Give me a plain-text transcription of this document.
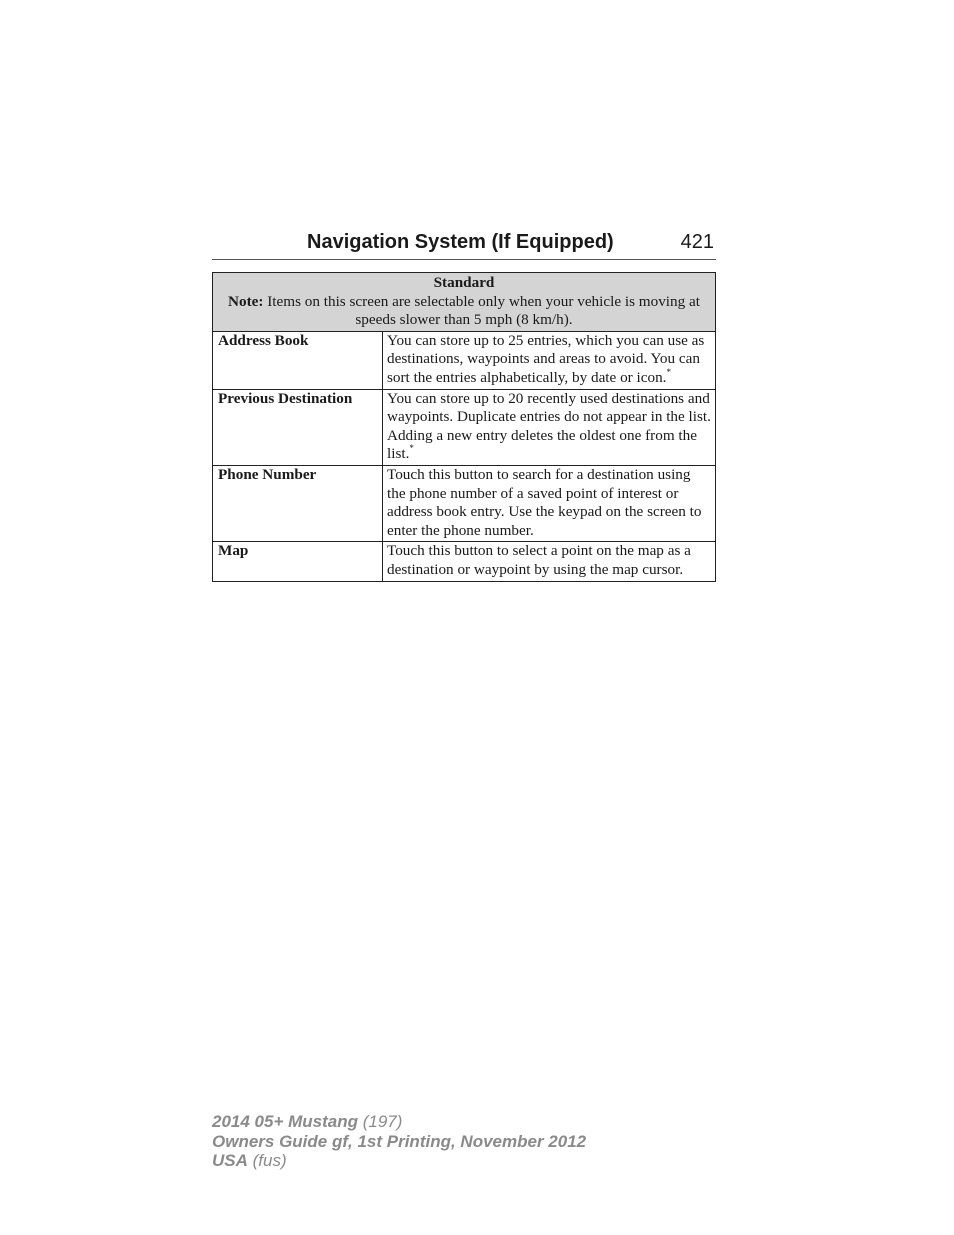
Navigation System (If Equipped)	421
Standard
Note: Items on this screen are selectable only when your vehicle is moving at speeds slower than 5 mph (8 km/h).	

Address Book	You can store up to 25 entries, which you can use as destinations, waypoints and areas to avoid. You can sort the entries alphabetically, by date or icon.*
Previous Destination	You can store up to 20 recently used destinations and waypoints. Duplicate entries do not appear in the list. Adding a new entry deletes the oldest one from the list.*
Phone Number	Touch this button to search for a destination using the phone number of a saved point of interest or address book entry. Use the keypad on the screen to enter the phone number.
Map	Touch this button to select a point on the map as a destination or waypoint by using the map cursor.
2014 05+ Mustang (197)
Owners Guide gf, 1st Printing, November 2012
USA (fus)
